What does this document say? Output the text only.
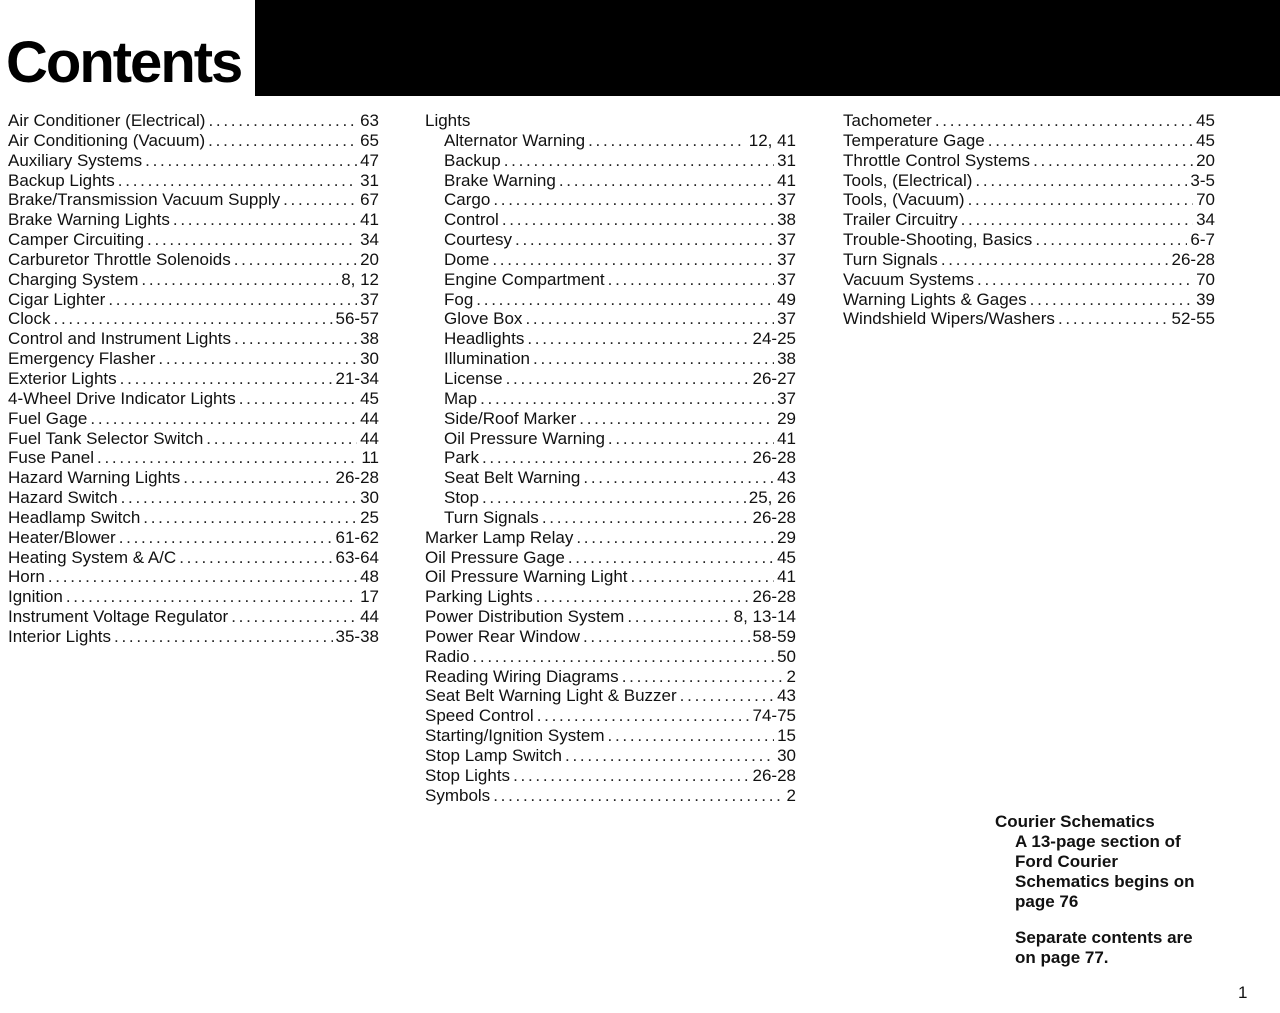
Contents
Air Conditioner (Electrical) . . .	63
Air Conditioning (Vacuum) . . .	65
Auxiliary Systems . . .	47
Backup Lights . . .	31
Brake/Transmission Vacuum Supply . . .	67
Brake Warning Lights . . .	41
Camper Circuiting . . .	34
Carburetor Throttle Solenoids . . .	20
Charging System . . .	8, 12
Cigar Lighter . . .	37
Clock . . .	56-57
Control and Instrument Lights . . .	38
Emergency Flasher . . .	30
Exterior Lights . . .	21-34
4-Wheel Drive Indicator Lights . . .	45
Fuel Gage . . .	44
Fuel Tank Selector Switch . . .	44
Fuse Panel . . .	11
Hazard Warning Lights . . .	26-28
Hazard Switch . . .	30
Headlamp Switch . . .	25
Heater/Blower . . .	61-62
Heating System & A/C . . .	63-64
Horn . . .	48
Ignition . . .	17
Instrument Voltage Regulator . . .	44
Interior Lights . . .	35-38
Lights
Alternator Warning . . .	12, 41
Backup . . .	31
Brake Warning . . .	41
Cargo . . .	37
Control . . .	38
Courtesy . . .	37
Dome . . .	37
Engine Compartment . . .	37
Fog . . .	49
Glove Box . . .	37
Headlights . . .	24-25
Illumination . . .	38
License . . .	26-27
Map . . .	37
Side/Roof Marker . . .	29
Oil Pressure Warning . . .	41
Park . . .	26-28
Seat Belt Warning . . .	43
Stop . . .	25, 26
Turn Signals . . .	26-28
Marker Lamp Relay . . .	29
Oil Pressure Gage . . .	45
Oil Pressure Warning Light . . .	41
Parking Lights . . .	26-28
Power Distribution System . . .	8, 13-14
Power Rear Window . . .	58-59
Radio . . .	50
Reading Wiring Diagrams . . .	2
Seat Belt Warning Light & Buzzer . . .	43
Speed Control . . .	74-75
Starting/Ignition System . . .	15
Stop Lamp Switch . . .	30
Stop Lights . . .	26-28
Symbols . . .	2
Tachometer . . .	45
Temperature Gage . . .	45
Throttle Control Systems . . .	20
Tools, (Electrical) . . .	3-5
Tools, (Vacuum) . . .	70
Trailer Circuitry . . .	34
Trouble-Shooting, Basics . . .	6-7
Turn Signals . . .	26-28
Vacuum Systems . . .	70
Warning Lights & Gages . . .	39
Windshield Wipers/Washers . . .	52-55

Courier Schematics

A 13-page section of

Ford Courier

Schematics begins on

page 76

Separate contents are

on page 77.

1
